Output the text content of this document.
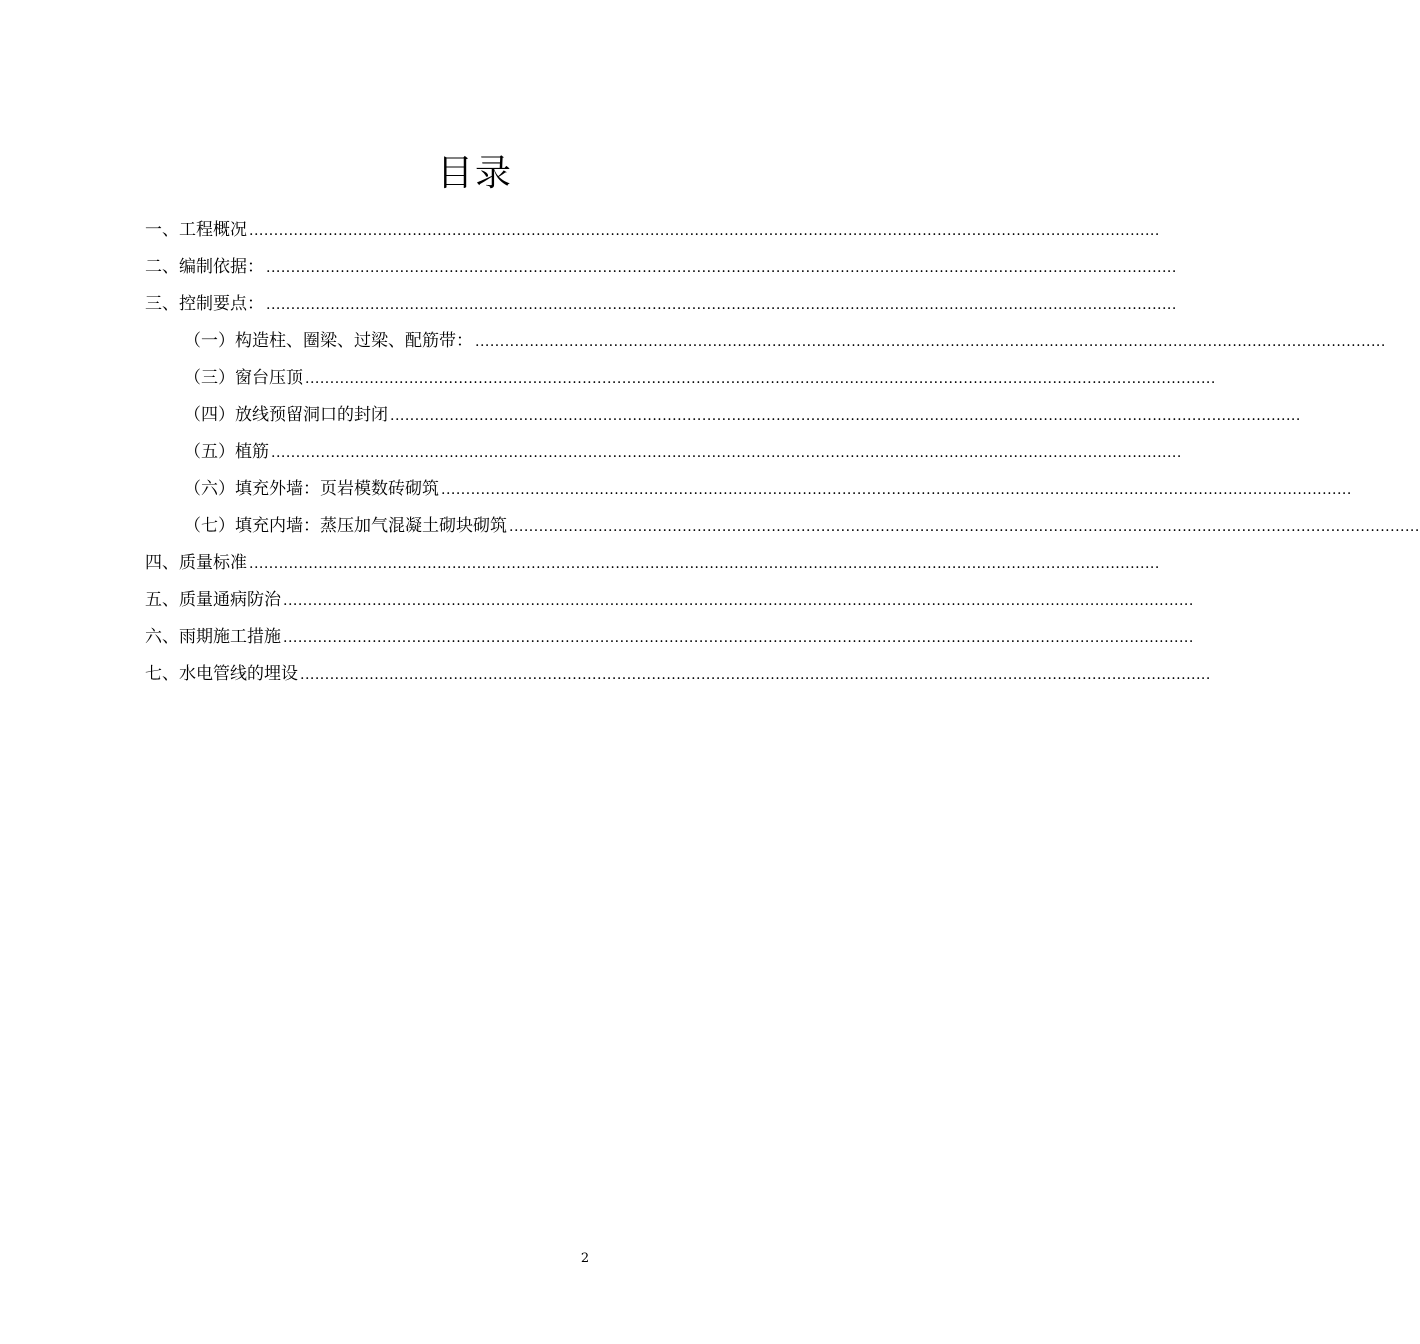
目录
一、工程概况 ........................................................................................................................................................................................
二、编制依据： ........................................................................................................................................................................................
三、控制要点： ........................................................................................................................................................................................
（一）构造柱、圈梁、过梁、配筋带： ........................................................................................................................................................................................
（三）窗台压顶 ........................................................................................................................................................................................
（四）放线预留洞口的封闭 ........................................................................................................................................................................................
（五）植筋 ........................................................................................................................................................................................
（六）填充外墙：页岩模数砖砌筑 ........................................................................................................................................................................................
（七）填充内墙：蒸压加气混凝土砌块砌筑 ........................................................................................................................................................................................
四、质量标准 ........................................................................................................................................................................................
五、质量通病防治 ........................................................................................................................................................................................
六、雨期施工措施 ........................................................................................................................................................................................
七、水电管线的埋设 ........................................................................................................................................................................................
2
